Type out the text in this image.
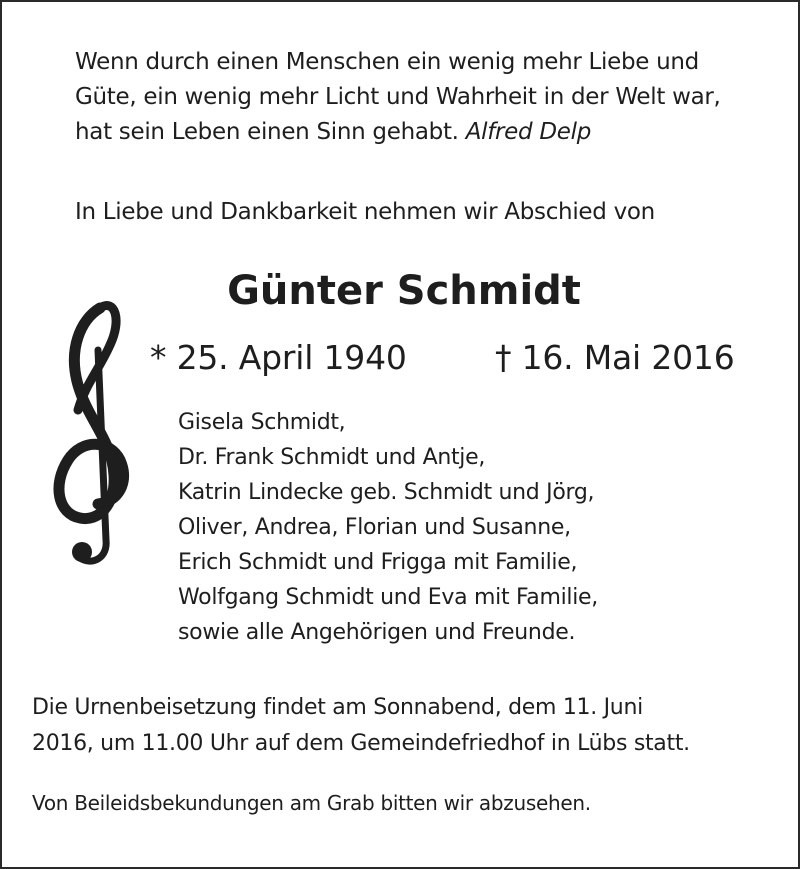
Wenn durch einen Menschen ein wenig mehr Liebe und
Güte, ein wenig mehr Licht und Wahrheit in der Welt war,
hat sein Leben einen Sinn gehabt. Alfred Delp
In Liebe und Dankbarkeit nehmen wir Abschied von
Günter Schmidt
* 25. April 1940	† 16. Mai 2016
Gisela Schmidt,
Dr. Frank Schmidt und Antje,
Katrin Lindecke geb. Schmidt und Jörg,
Oliver, Andrea, Florian und Susanne,
Erich Schmidt und Frigga mit Familie,
Wolfgang Schmidt und Eva mit Familie,
sowie alle Angehörigen und Freunde.
Die Urnenbeisetzung findet am Sonnabend, dem 11. Juni
2016, um 11.00 Uhr auf dem Gemeindefriedhof in Lübs statt.
Von Beileidsbekundungen am Grab bitten wir abzusehen.
